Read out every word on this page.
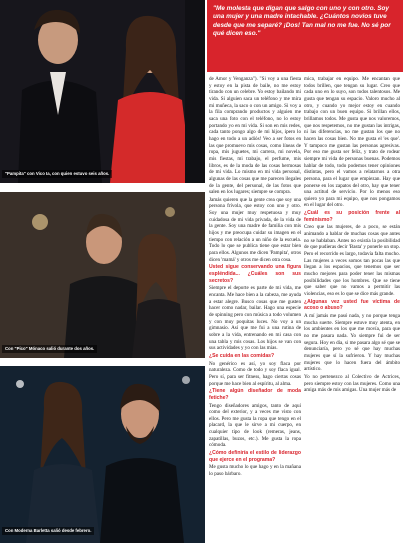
"Pampita" con Vico Ia, con quien estuvo seis años.
Con "Pico" Mónaco salió durante dos años.
Con Moderna Barletta salió desde febrero.

"Me molesta que digan que salgo con uno y con otro. Soy una mujer y una madre intachable. ¿Cuántos novios tuve desde que me separé? ¡Dos! Tan mal no me fue. No sé por qué dicen eso."

de Amor y Venganza"). "Si voy a una fiesta y estoy en la pista de baile, no me estoy tirando con un celebre. Yo estoy bailando mi vida. Si alguien saca un teléfono y me mira mi muñeca, la saco o con un amigo. Si voy a la fila comprando productos y alguien me saca una foto con el teléfono, no lo estoy portando yo en mi vida. Si son en mis redes, cada tanto pongo algo de mi hijos, ipero lo hago en todo a un adiós! Veo a ser fotos en las que promuevo mis cosas, como líneas de ropa, mis juguetes, mi carrera, mi novela, mis fiestas, mi trabajo, el perfume, mis libros, es de la moda de las cosas hermosas de mi vida. Lo mismo en mi vida personal, algunas de las cosas que me parecen ilegales de la gente, del personal, de las fotos que salen en los lugares; siempre se compra.

Jamás quieren que la gente crea que soy una persona frívola, que estoy con uno y otro. Soy una mujer muy respetuosa y muy cuidadosa de mi vida privada, de la vida de la gente. Soy una madre de familia con mis hijos y me preocupa cuidar su imagen en el tiempo con relación a un niño de la escuela. Todo lo que se publica tiene que estar bien para ellos. Algunos me dicen 'Pampita', otros dicen 'mamá' y otros me dicen otra cosa.

Usted sigue conservando una figura espléndida... ¿Cuáles son sus secretos?

Siempre el deporte es parte de mi vida, me encanta. Me hace bien a la cabeza, me ayuda a estar alegre. Busco cosas que me gusten hacer como nadar, bailar. Hago una especie de spinning pero con música a todo volumen y con muy poquitas luces. No voy a un gimnasio. Así que me fui a una rutina de sobre a la vida, entrenando en mi casa con una tabla y mis cosas. Los hijos se van con sus actividades y yo con las mías.

¿Se cuida en las comidas?

No genérico es así, yo soy flaca por naturaleza. Como de todo y soy flaca igual. Pero sí, para ser fitness, hago ciertas cosas porque me hace bien al espíritu, al alma.

¿Tiene algún diseñador de moda fetiche?

Tengo diseñadores amigos, tanto de aquí como del exterior, y a veces me visto con ellos. Pero me gusta la ropa que tengo en el placard, la que le sirve a mi cuerpo, en cualquier tipo de look (remeras, jeans, zapatillas, buzos, etc.). Me gusta la ropa cómoda.

¿Cómo definiría el estilo de liderazgo que ejerce en el programa?

Me gusta mucho lo que hago y en la mañana lo paso bárbaro.

mica, trabajar en equipo. Me encantan que todos brillen, que tengan su lugar. Creo que cada uno en lo suyo, son todos talentosos. Me gusta que tengan su espacio. Valoro mucho al otro, y cuando yo mejor estoy en cuando trabajo con un buen equipo. Si brillan ellos, brillamos todos. Me gusta que nos valoremos, que nos respetemos, no me gustan las intrigas, ni las diferencias, no me gustan los que no hacen las cosas bien. No me gusta el 'es que'. Y tampoco me gustan las personas agresivas. Por eso me gusta ser feliz, y trato de rodear siempre mi vida de personas buenas. Podemos hablar de todo, todo podemos tener opiniones distintas, pero el vamos a relatarnos a otra persona, para el lugar que empiezan. Hay que ponerse en los zapatos del otro, hay que tener una actitud de servicio. Por lo menos eso quiero yo para mi equipo, que nos pongamos en el lugar del otro.

¿Cuál es su posición frente al feminismo?

Creo que las mujeres, de a poco, se están animando a hablar de muchas cosas que antes no se hablaban. Antes no existía la posibilidad de que pudieras decir 'Basta' y ponerle un stop. Pero el recorrido es largo, todavía falta mucho. Las mujeres a veces somos tan pocas las que llegan a los espacios, que tenemos que ser mucho mejores para poder tener las mismas posibilidades que los hombres. Que se tiene que saber que no vamos a permitir las violencias, eso es lo que se dice más grande.

¿Algunas vez usted fue víctima de acoso o abuso?

A mí jamás me pasó nada, y no porque tenga mucha suerte. Siempre estuve muy atenta, en los ambientes en los que me movía, para que no me pasara nada. Yo siempre fui de ser segura. Hoy en día, si me pasara algo sé que se denunciaría, pero yo sé que hay muchas mujeres que sí la sufrieron. Y hay muchas mujeres que lo hacen fuera del ámbito artístico.

Yo no pertenezco al Colectivo de Actrices, pero siempre estoy con las mujeres. Como una amiga más de mis amigas. Una mujer más de
